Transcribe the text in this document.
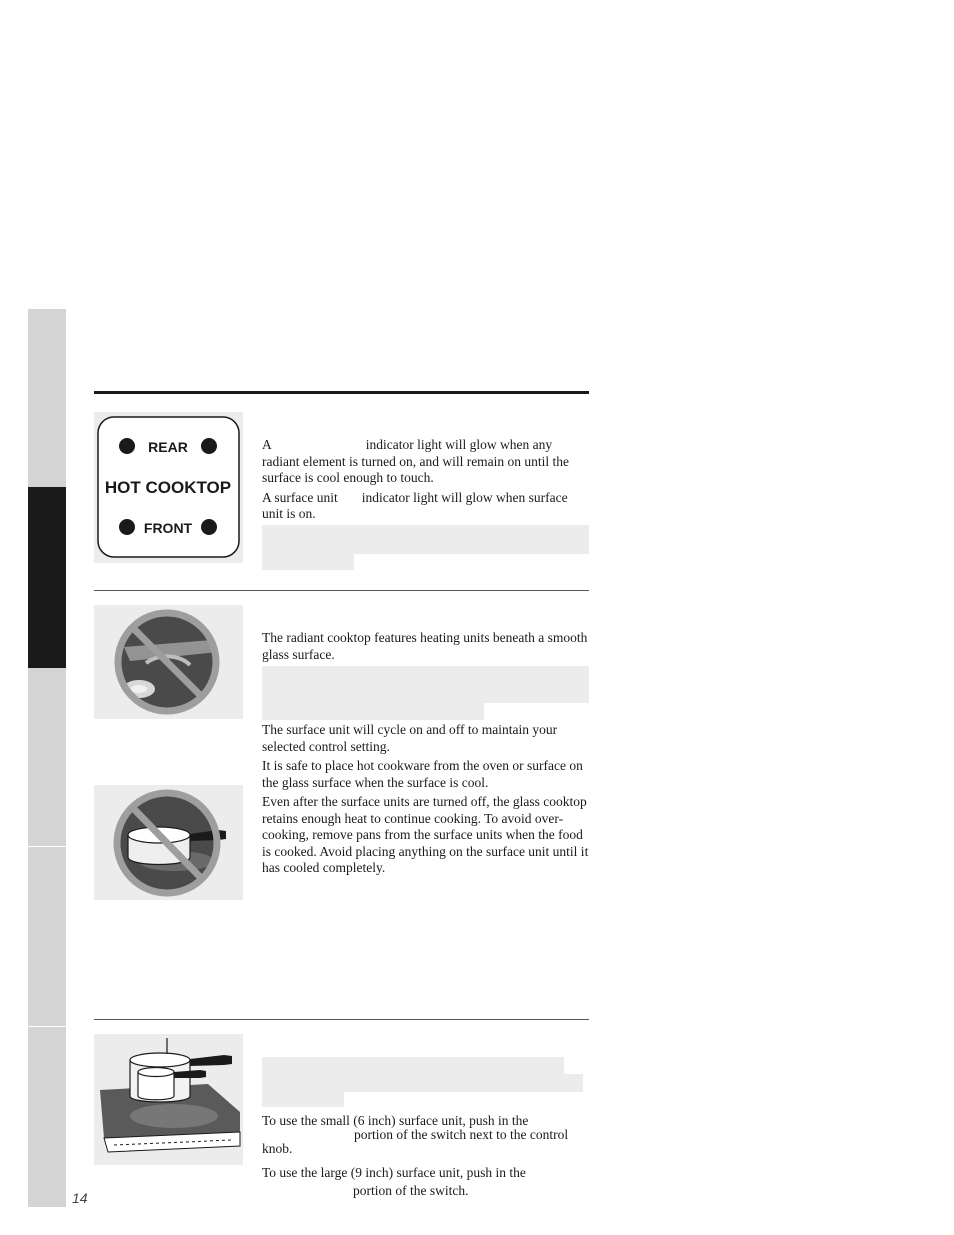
REAR
HOT COOKTOP
FRONT

A	indicator light will glow when any radiant element is turned on, and will remain on until the surface is cool enough to touch.

A surface unit indicator light will glow when surface unit is on.

The radiant cooktop features heating units beneath a smooth glass surface.

The surface unit will cycle on and off to maintain your selected control setting.

It is safe to place hot cookware from the oven or surface on the glass surface when the surface is cool.

Even after the surface units are turned off, the glass cooktop retains enough heat to continue cooking. To avoid over-cooking, remove pans from the surface units when the food is cooked. Avoid placing anything on the surface unit until it has cooled completely.

To use the small (6 inch) surface unit, push in the
portion of the switch next to the control knob.
To use the large (9 inch) surface unit, push in the
portion of the switch.
14
